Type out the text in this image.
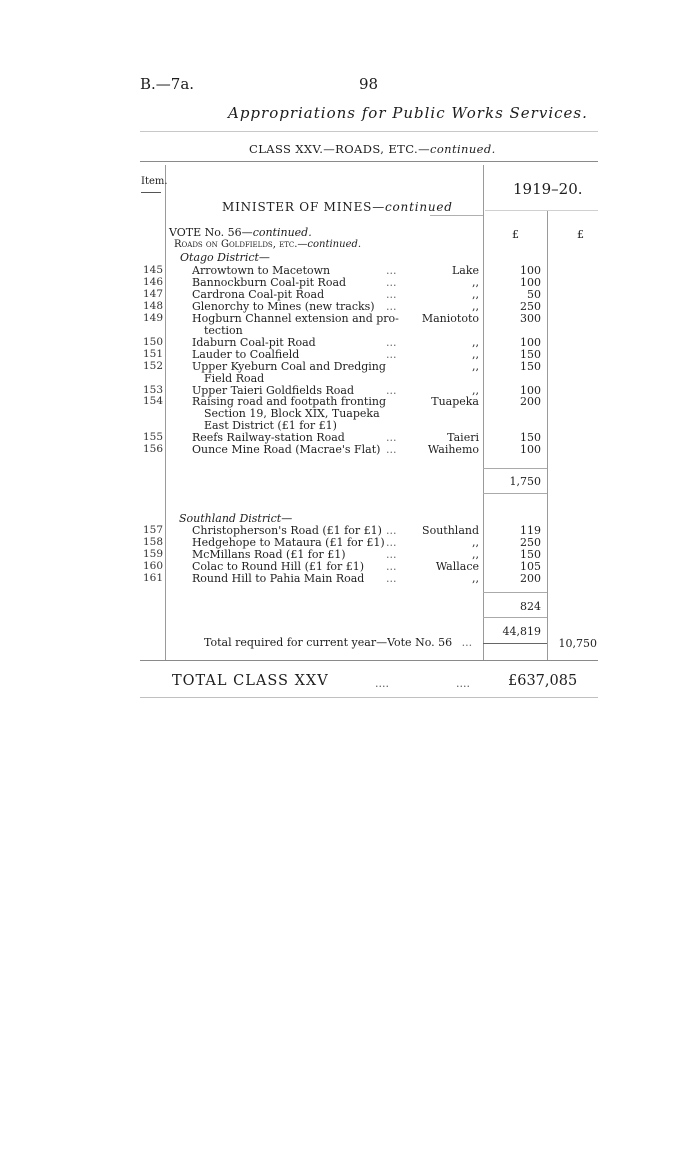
B.—7a.	98
Appropriations for Public Works Services.
CLASS XXV.—ROADS, ETC.—continued.
Item.	1919–20.
MINISTER OF MINES—continued
VOTE No. 56—continued.
Roads on Goldfields, etc.—continued.
£	£
Otago District—
145	Arrowtown to Macetown	...	Lake	100
146	Bannockburn Coal-pit Road	...	,,	100
147	Cardrona Coal-pit Road	...	,,	50
148	Glenorchy to Mines (new tracks) ...	,,	250
149	Hogburn Channel extension and pro-
tection
Maniototo	300
150	Idaburn Coal-pit Road	...	,,	100
151	Lauder to Coalfield	...	,,	150
152	Upper Kyeburn Coal and Dredging
Field Road
,,	150
153	Upper Taieri Goldfields Road	...	,,	100
154	Raising road and footpath fronting
Section 19, Block XIX, Tuapeka
East District (£1 for £1)
Tuapeka	200
155	Reefs Railway-station Road	...	Taieri	150
156	Ounce Mine Road (Macrae's Flat) ...	Waihemo	100
1,750
Southland District—
157	Christopherson's Road (£1 for £1) ...	Southland	119
158	Hedgehope to Mataura (£1 for £1) ...	,,	250
159	McMillans Road (£1 for £1)	...	,,	150
160	Colac to Round Hill (£1 for £1) ...	Wallace	105
161	Round Hill to Pahia Main Road ...	,,	200
824
44,819
Total required for current year—Vote No. 56 ...	10,750
TOTAL CLASS XXV	....	....	£637,085
